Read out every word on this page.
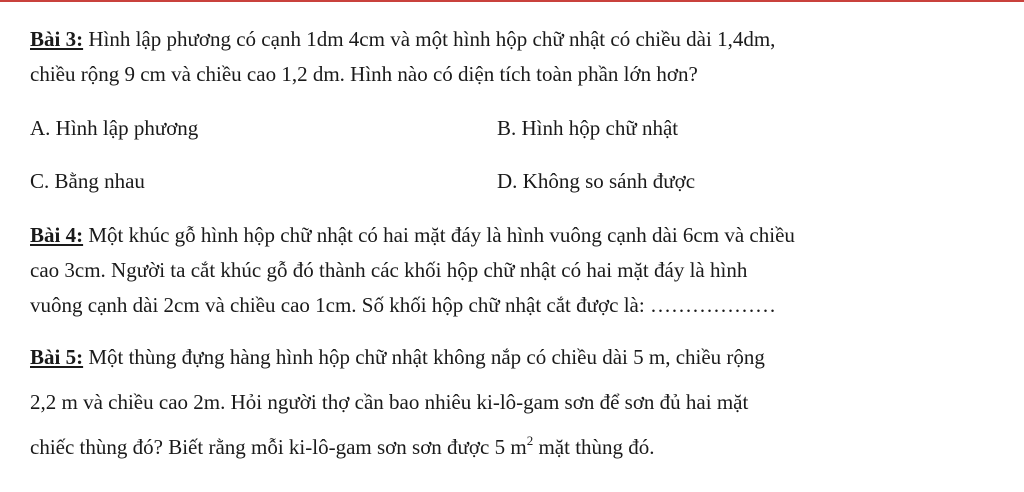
Bài 3: Hình lập phương có cạnh 1dm 4cm và một hình hộp chữ nhật có chiều dài 1,4dm,
chiều rộng 9 cm và chiều cao 1,2 dm. Hình nào có diện tích toàn phần lớn hơn?
A. Hình lập phương	B. Hình hộp chữ nhật
C. Bằng nhau	D. Không so sánh được
Bài 4: Một khúc gỗ hình hộp chữ nhật có hai mặt đáy là hình vuông cạnh dài 6cm và chiều
cao 3cm. Người ta cắt khúc gỗ đó thành các khối hộp chữ nhật có hai mặt đáy là hình
vuông cạnh dài 2cm và chiều cao 1cm. Số khối hộp chữ nhật cắt được là: ………………
Bài 5: Một thùng đựng hàng hình hộp chữ nhật không nắp có chiều dài 5 m, chiều rộng
2,2 m và chiều cao 2m. Hỏi người thợ cần bao nhiêu ki-lô-gam sơn để sơn đủ hai mặt
chiếc thùng đó? Biết rằng mỗi ki-lô-gam sơn sơn được 5 $m^2$ mặt thùng đó.
